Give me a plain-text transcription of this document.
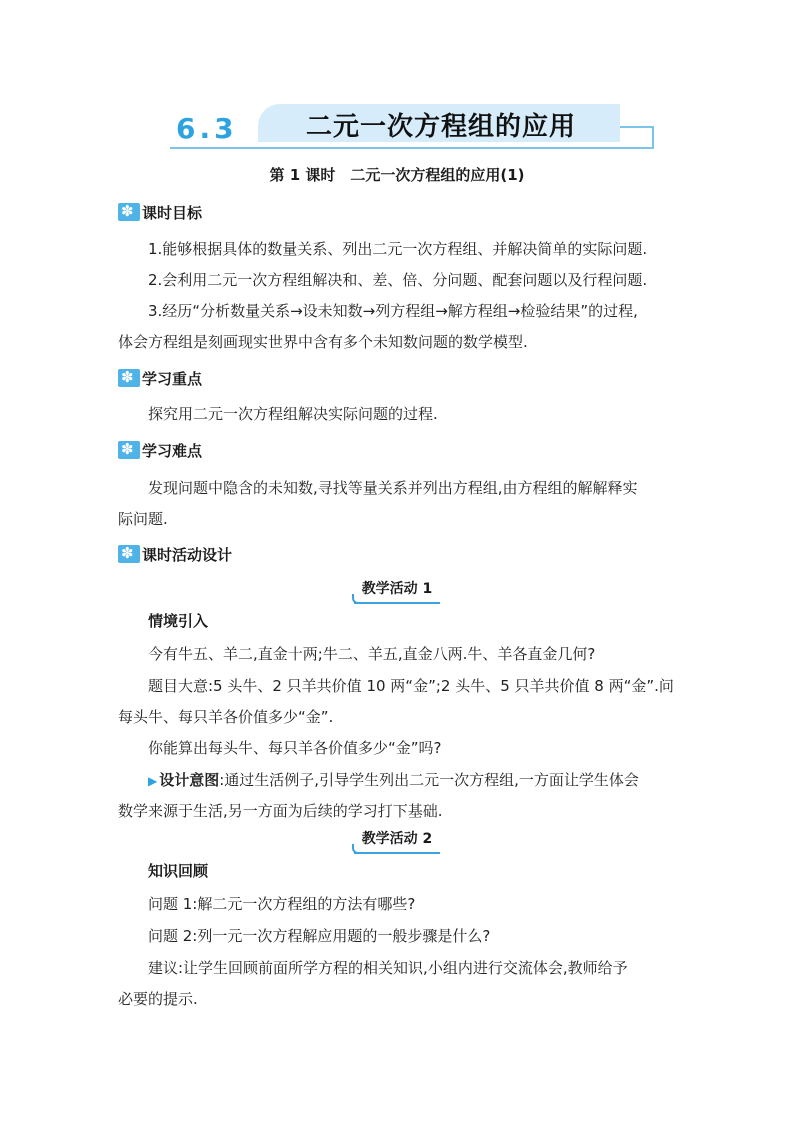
6.3	二元一次方程组的应用
第 1 课时　二元一次方程组的应用(1)
✽
课时目标
1.能够根据具体的数量关系、列出二元一次方程组、并解决简单的实际问题.
2.会利用二元一次方程组解决和、差、倍、分问题、配套问题以及行程问题.
3.经历“分析数量关系→设未知数→列方程组→解方程组→检验结果”的过程,
体会方程组是刻画现实世界中含有多个未知数问题的数学模型.
✽
学习重点
探究用二元一次方程组解决实际问题的过程.
✽
学习难点
发现问题中隐含的未知数,寻找等量关系并列出方程组,由方程组的解解释实
际问题.
✽
课时活动设计
教学活动 1
情境引入
今有牛五、羊二,直金十两;牛二、羊五,直金八两.牛、羊各直金几何?
题目大意:5 头牛、2 只羊共价值 10 两“金”;2 头牛、5 只羊共价值 8 两“金”.问
每头牛、每只羊各价值多少“金”.
你能算出每头牛、每只羊各价值多少“金”吗?
▶ 设计意图:通过生活例子,引导学生列出二元一次方程组,一方面让学生体会
数学来源于生活,另一方面为后续的学习打下基础.
教学活动 2
知识回顾
问题 1:解二元一次方程组的方法有哪些?
问题 2:列一元一次方程解应用题的一般步骤是什么?
建议:让学生回顾前面所学方程的相关知识,小组内进行交流体会,教师给予
必要的提示.
